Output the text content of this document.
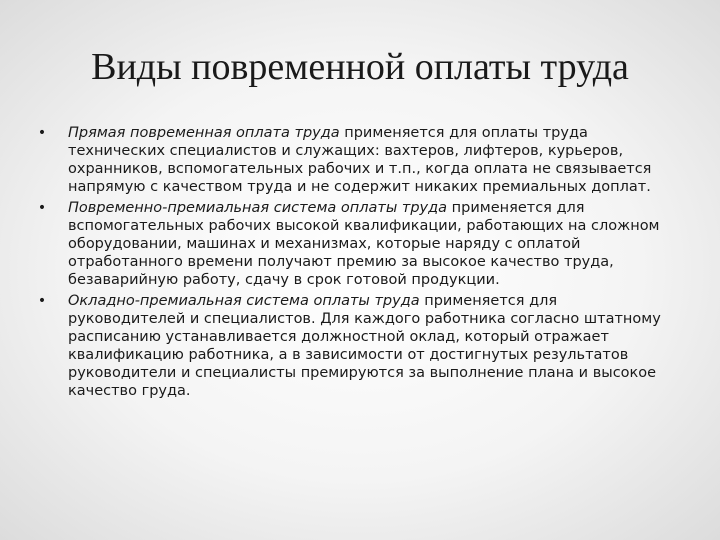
Виды повременной оплаты труда
• Прямая повременная оплата труда применяется для оплаты труда технических специалистов и служащих: вахтеров, лифтеров, курьеров, охранников, вспомогательных рабочих и т.п., когда оплата не связывается напрямую с качеством труда и не содержит никаких премиальных доплат.
• Повременно-премиальная система оплаты труда применяется для вспомогательных рабочих высокой квалификации, работающих на сложном оборудовании, машинах и механизмах, которые наряду с оплатой отработанного времени получают премию за высокое качество труда, безаварийную работу, сдачу в срок готовой продукции.
• Окладно-премиальная система оплаты труда применяется для руководителей и специалистов. Для каждого работника согласно штатному расписанию устанавливается должностной оклад, который отражает квалификацию работника, а в зависимости от достигнутых результатов руководители и специалисты премируются за выполнение плана и высокое качество груда.
